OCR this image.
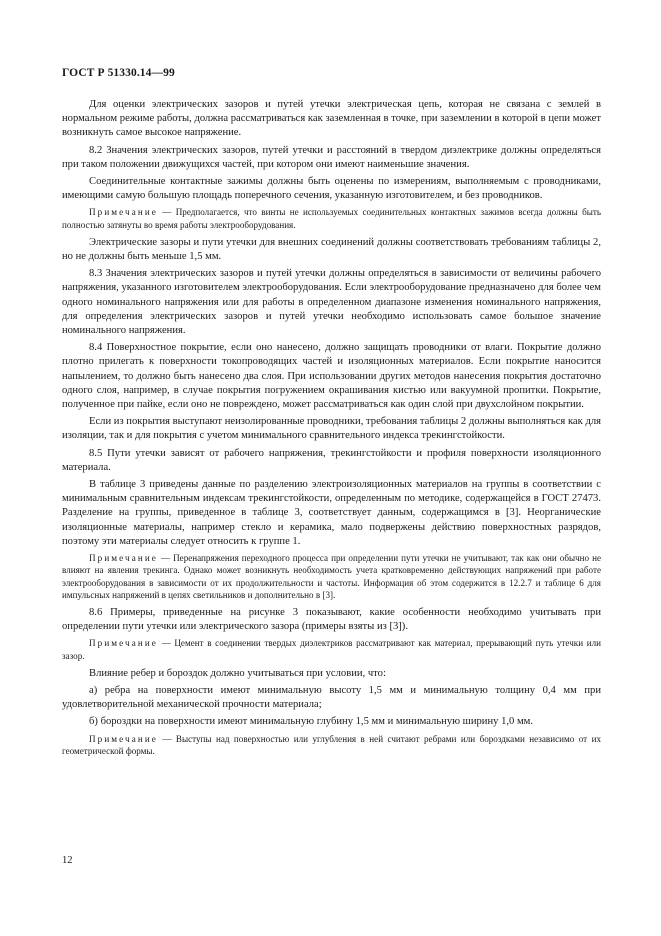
ГОСТ Р 51330.14—99

Для оценки электрических зазоров и путей утечки электрическая цепь, которая не связана с землей в нормальном режиме работы, должна рассматриваться как заземленная в точке, при заземлении в которой в цепи может возникнуть самое высокое напряжение.

8.2 Значения электрических зазоров, путей утечки и расстояний в твердом диэлектрике должны определяться при таком положении движущихся частей, при котором они имеют наименьшие значения.

Соединительные контактные зажимы должны быть оценены по измерениям, выполняемым с проводниками, имеющими самую большую площадь поперечного сечения, указанную изготовителем, и без проводников.

Примечание — Предполагается, что винты не используемых соединительных контактных зажимов всегда должны быть полностью затянуты во время работы электрооборудования.

Электрические зазоры и пути утечки для внешних соединений должны соответствовать требованиям таблицы 2, но не должны быть меньше 1,5 мм.

8.3 Значения электрических зазоров и путей утечки должны определяться в зависимости от величины рабочего напряжения, указанного изготовителем электрооборудования. Если электрооборудование предназначено для более чем одного номинального напряжения или для работы в определенном диапазоне изменения номинального напряжения, для определения электрических зазоров и путей утечки необходимо использовать самое большое значение номинального напряжения.

8.4 Поверхностное покрытие, если оно нанесено, должно защищать проводники от влаги. Покрытие должно плотно прилегать к поверхности токопроводящих частей и изоляционных материалов. Если покрытие наносится напылением, то должно быть нанесено два слоя. При использовании других методов нанесения покрытия достаточно одного слоя, например, в случае покрытия погружением окрашивания кистью или вакуумной пропитки. Покрытие, полученное при пайке, если оно не повреждено, может рассматриваться как один слой при двухслойном покрытии.

Если из покрытия выступают неизолированные проводники, требования таблицы 2 должны выполняться как для изоляции, так и для покрытия с учетом минимального сравнительного индекса трекингстойкости.

8.5 Пути утечки зависят от рабочего напряжения, трекингстойкости и профиля поверхности изоляционного материала.

В таблице 3 приведены данные по разделению электроизоляционных материалов на группы в соответствии с минимальным сравнительным индексам трекингстойкости, определенным по методике, содержащейся в ГОСТ 27473. Разделение на группы, приведенное в таблице 3, соответствует данным, содержащимся в [3]. Неорганические изоляционные материалы, например стекло и керамика, мало подвержены действию поверхностных разрядов, поэтому эти материалы следует относить к группе 1.

Примечание — Перенапряжения переходного процесса при определении пути утечки не учитывают, так как они обычно не влияют на явления трекинга. Однако может возникнуть необходимость учета кратковременно действующих напряжений при работе электрооборудования в зависимости от их продолжительности и частоты. Информация об этом содержится в 12.2.7 и таблице 6 для импульсных напряжений в цепях светильников и дополнительно в [3].

8.6 Примеры, приведенные на рисунке 3 показывают, какие особенности необходимо учитывать при определении пути утечки или электрического зазора (примеры взяты из [3]).

Примечание — Цемент в соединении твердых диэлектриков рассматривают как материал, прерывающий путь утечки или зазор.

Влияние ребер и бороздок должно учитываться при условии, что:

а) ребра на поверхности имеют минимальную высоту 1,5 мм и минимальную толщину 0,4 мм при удовлетворительной механической прочности материала;

б) бороздки на поверхности имеют минимальную глубину 1,5 мм и минимальную ширину 1,0 мм.

Примечание — Выступы над поверхностью или углубления в ней считают ребрами или бороздками независимо от их геометрической формы.

12
